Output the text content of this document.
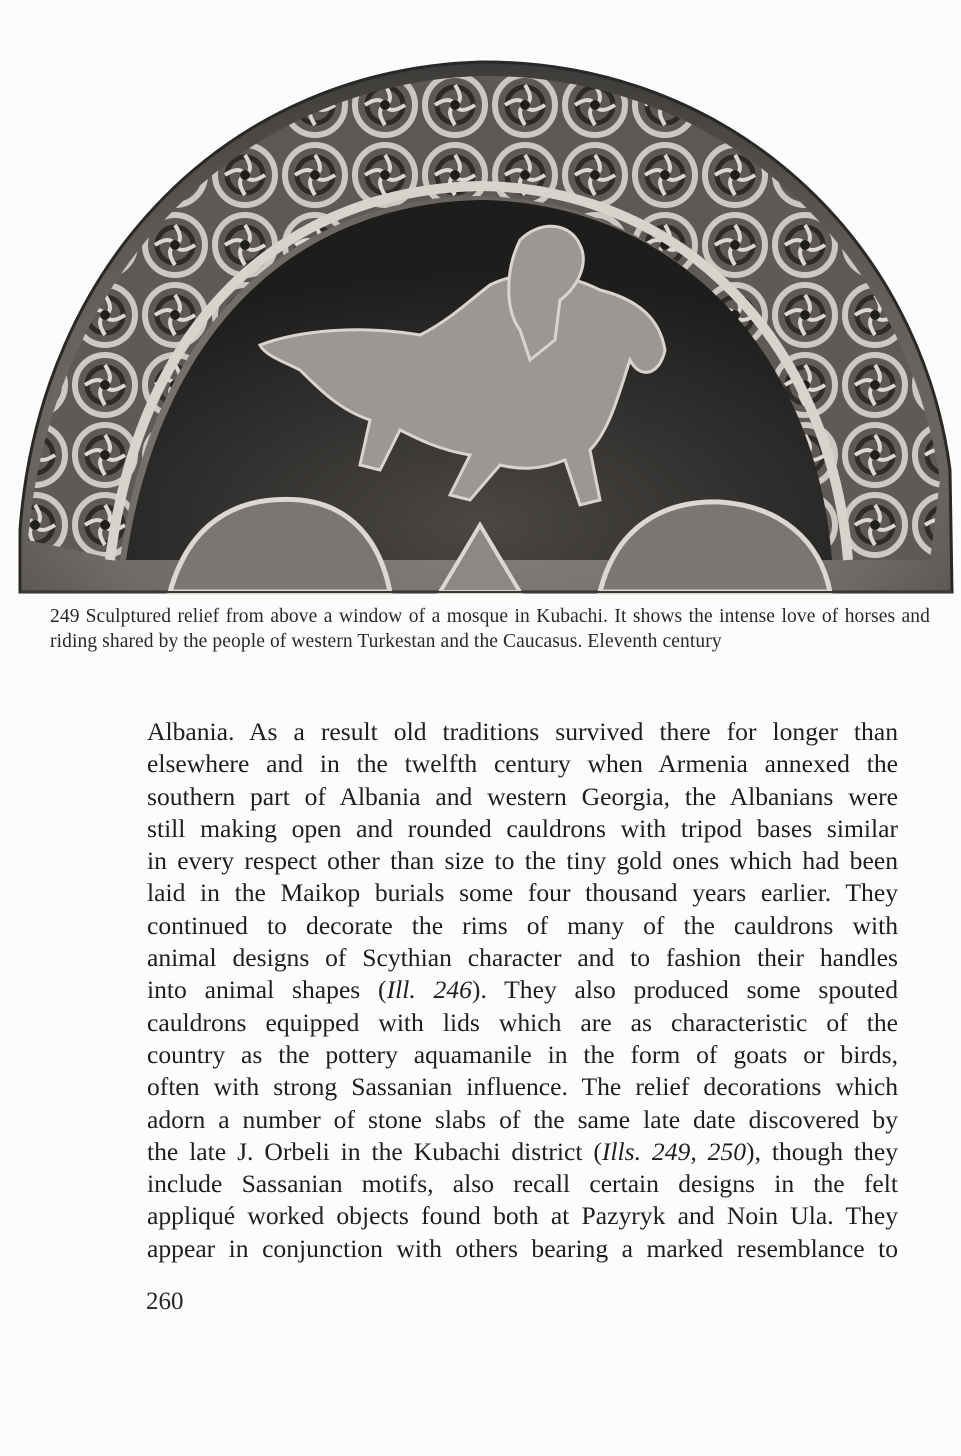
249 Sculptured relief from above a window of a mosque in Kubachi. It shows the intense love of horses and riding shared by the people of western Turkestan and the Caucasus. Eleventh century
Albania. As a result old traditions survived there for longer than
elsewhere and in the twelfth century when Armenia annexed the
southern part of Albania and western Georgia, the Albanians were
still making open and rounded cauldrons with tripod bases similar
in every respect other than size to the tiny gold ones which had been
laid in the Maikop burials some four thousand years earlier. They
continued to decorate the rims of many of the cauldrons with
animal designs of Scythian character and to fashion their handles
into animal shapes (Ill. 246). They also produced some spouted
cauldrons equipped with lids which are as characteristic of the
country as the pottery aquamanile in the form of goats or birds,
often with strong Sassanian influence. The relief decorations which
adorn a number of stone slabs of the same late date discovered by
the late J. Orbeli in the Kubachi district (Ills. 249, 250), though they
include Sassanian motifs, also recall certain designs in the felt
appliqué worked objects found both at Pazyryk and Noin Ula. They
appear in conjunction with others bearing a marked resemblance to
260
